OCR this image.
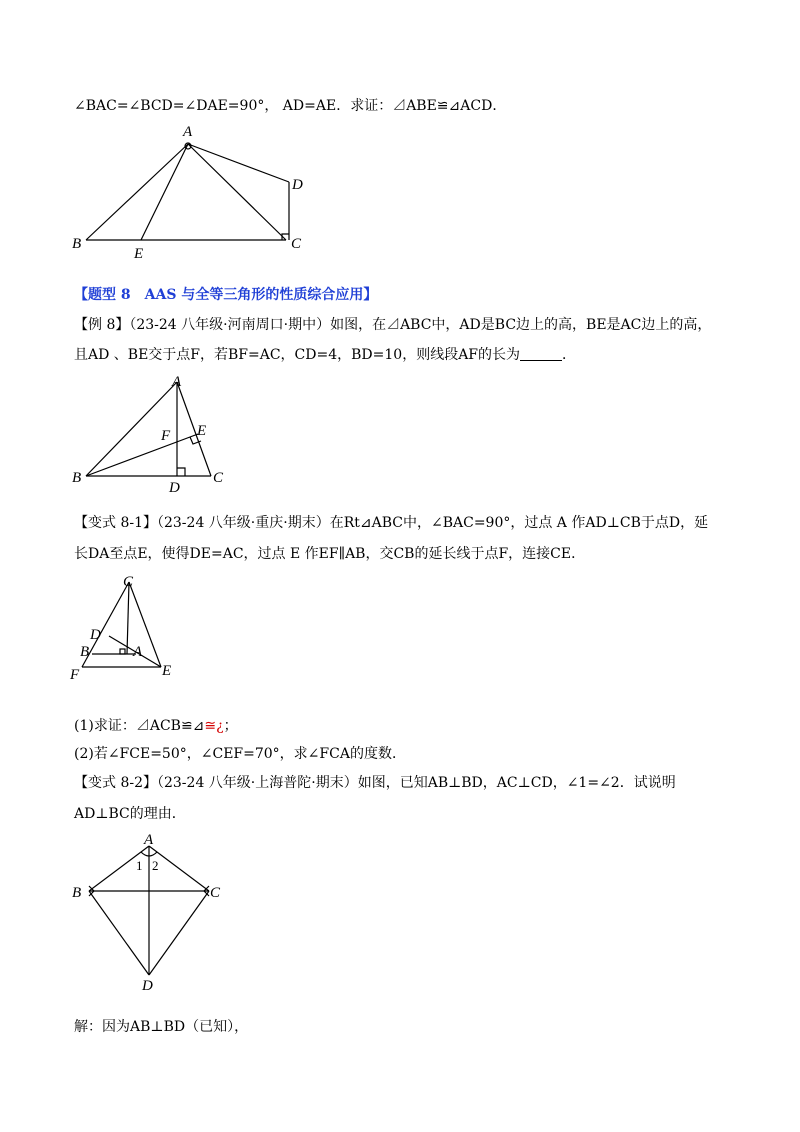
∠BAC=∠BCD=∠DAE=90°， AD=AE．求证：⊿ABE≌⊿ACD．
A
B
E
C
D
【题型 8　AAS 与全等三角形的性质综合应用】
【例 8】（23-24 八年级·河南周口·期中）如图，在⊿ABC中，AD是BC边上的高，BE是AC边上的高，
且AD 、BE交于点F，若BF=AC，CD=4，BD=10，则线段AF的长为	．
A
B
D
C
E
F
【变式 8-1】（23-24 八年级·重庆·期末）在Rt⊿ABC中，∠BAC=90°，过点 A 作AD⊥CB于点D，延
长DA至点E，使得DE=AC，过点 E 作EF∥AB，交CB的延长线于点F，连接CE．
C
D
B	A
F	E
(1)求证：⊿ACB≌⊿≅¿；
(2)若∠FCE=50°，∠CEF=70°，求∠FCA的度数．
【变式 8-2】（23-24 八年级·上海普陀·期末）如图，已知AB⊥BD，AC⊥CD，∠1=∠2．试说明
AD⊥BC的理由．
A
B	C
D
1 2
解：因为AB⊥BD（已知），
